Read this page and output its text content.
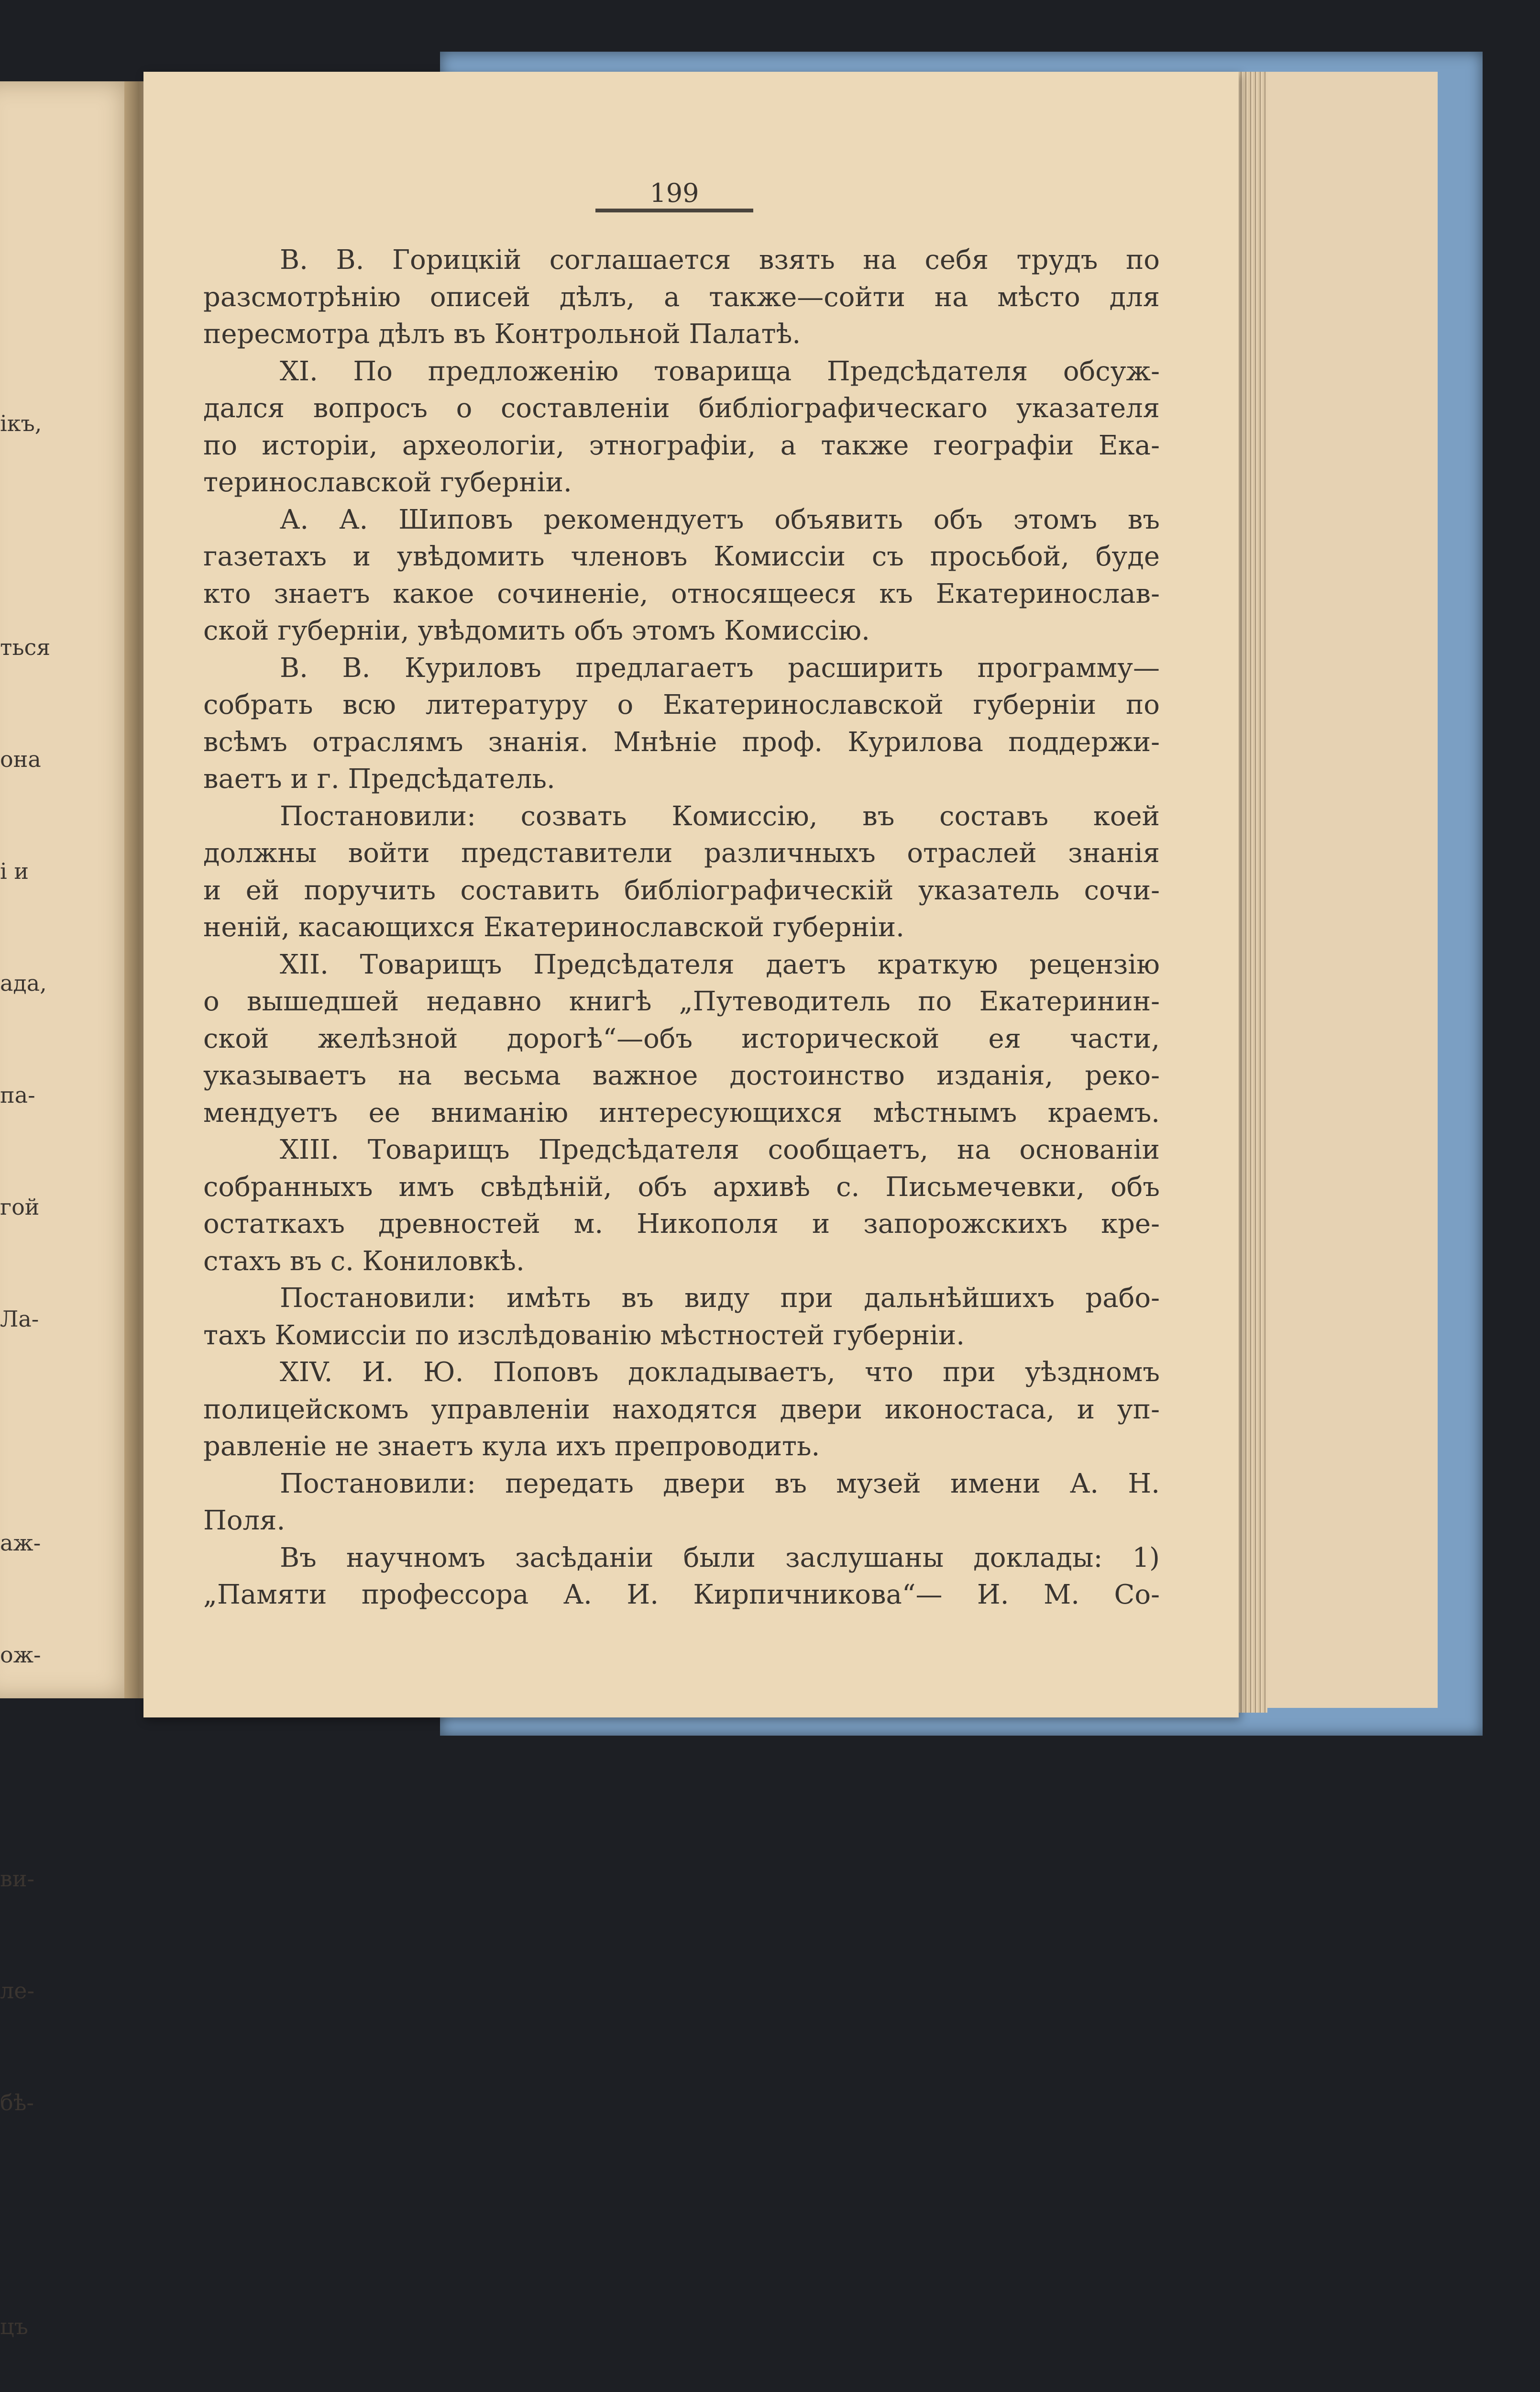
ікъ,

ться

она

і и

ада,

па-

гой

Ла-

аж-

ож-

ви-

ле-

бѣ-

цъ

199
В. В. Горицкій соглашается взять на себя трудъ по
разсмотрѣнію описей дѣлъ, а также—сойти на мѣсто для
пересмотра дѣлъ въ Контрольной Палатѣ.
XI. По предложенію товарища Предсѣдателя обсуж-
дался вопросъ о составленіи библіографическаго указателя
по исторіи, археологіи, этнографіи, а также географіи Ека-
теринославской губерніи.
А. А. Шиповъ рекомендуетъ объявить объ этомъ въ
газетахъ и увѣдомить членовъ Комиссіи съ просьбой, буде
кто знаетъ какое сочиненіе, относящееся къ Екатеринослав-
ской губерніи, увѣдомить объ этомъ Комиссію.
В. В. Куриловъ предлагаетъ расширить программу—
собрать всю литературу о Екатеринославской губерніи по
всѣмъ отраслямъ знанія. Мнѣніе проф. Курилова поддержи-
ваетъ и г. Предсѣдатель.
Постановили: созвать Комиссію, въ составъ коей
должны войти представители различныхъ отраслей знанія
и ей поручить составить библіографическій указатель сочи-
неній, касающихся Екатеринославской губерніи.
XII. Товарищъ Предсѣдателя даетъ краткую рецензію
о вышедшей недавно книгѣ „Путеводитель по Екатеринин-
ской желѣзной дорогѣ“—объ исторической ея части,
указываетъ на весьма важное достоинство изданія, реко-
мендуетъ ее вниманію интересующихся мѣстнымъ краемъ.
XIII. Товарищъ Предсѣдателя сообщаетъ, на основаніи
собранныхъ имъ свѣдѣній, объ архивѣ с. Письмечевки, объ
остаткахъ древностей м. Никополя и запорожскихъ кре-
стахъ въ с. Кониловкѣ.
Постановили: имѣть въ виду при дальнѣйшихъ рабо-
тахъ Комиссіи по изслѣдованію мѣстностей губерніи.
XIV. И. Ю. Поповъ докладываетъ, что при уѣздномъ
полицейскомъ управленіи находятся двери иконостаса, и уп-
равленіе не знаетъ кула ихъ препроводить.
Постановили: передать двери въ музей имени А. Н.
Поля.
Въ научномъ засѣданіи были заслушаны доклады: 1)
„Памяти профессора А. И. Кирпичникова“— И. М. Со-
